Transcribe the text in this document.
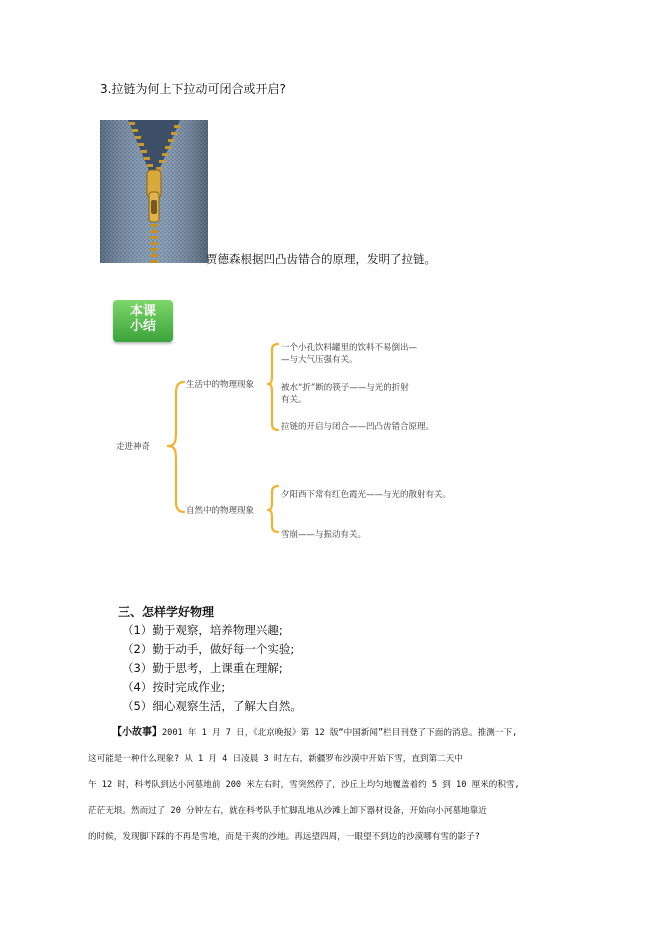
3.拉链为何上下拉动可闭合或开启?
贾德森根据凹凸齿错合的原理，发明了拉链。
本课
小结
走进神奇
生活中的物理现象
自然中的物理现象
一个小孔饮料罐里的饮料不易倒出—
—与大气压强有关。
被水“折”断的筷子——与光的折射
有关。
拉链的开启与闭合——凹凸齿错合原理。
夕阳西下常有红色霞光——与光的散射有关。
雪崩——与振动有关。
三、怎样学好物理
（1）勤于观察，培养物理兴趣;
（2）勤于动手，做好每一个实验;
（3）勤于思考，上课重在理解;
（4）按时完成作业;
（5）细心观察生活，了解大自然。
【小故事】2001 年 1 月 7 日，《北京晚报》第 12 版“中国新闻”栏目刊登了下面的消息。推测一下,
这可能是一种什么现象? 从 1 月 4 日凌晨 3 时左右，新疆罗布沙漠中开始下雪，直到第二天中
午 12 时，科考队到达小河墓地前 200 米左右时，雪突然停了，沙丘上均匀地覆盖着约 5 到 10 厘米的积雪,
茫茫无垠。然而过了 20 分钟左右，就在科考队手忙脚乱地从沙滩上卸下器材设备，开始向小河墓地靠近
的时候，发现脚下踩的不再是雪地，而是干爽的沙地。再远望四周，一眼望不到边的沙漠哪有雪的影子?
